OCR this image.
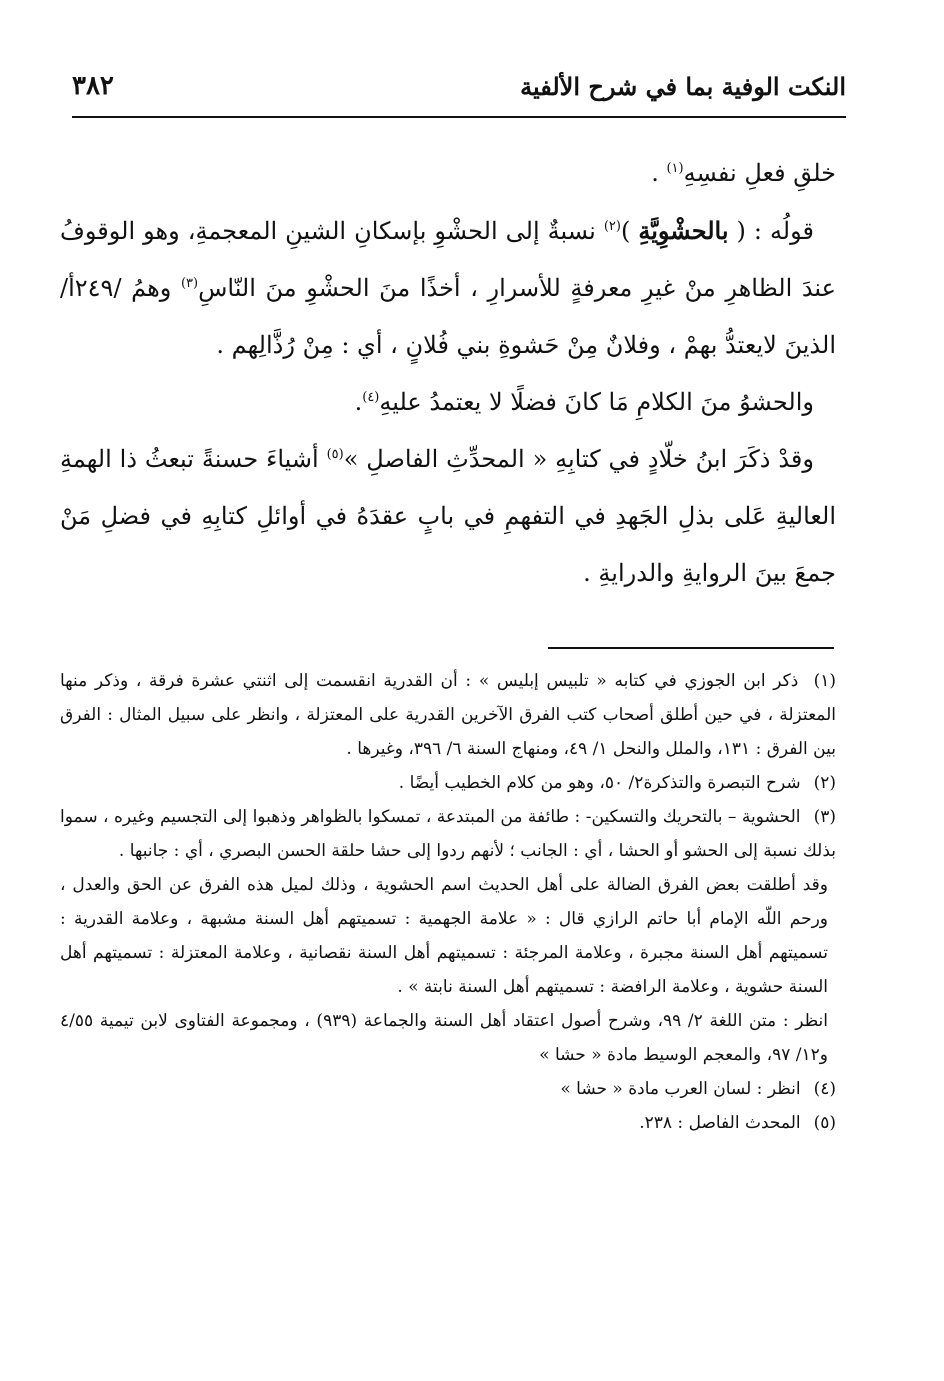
٣٨٢	النكت الوفية بما في شرح الألفية

خلقِ فعلِ نفسِهِ$^{(١)}$ .

قولُه : ( بالحشْوِيَّةِ )$^{(٢)}$ نسبةٌ إلى الحشْوِ بإسكانِ الشينِ المعجمةِ، وهو الوقوفُ عندَ الظاهرِ منْ غيرِ معرفةٍ للأسرارِ ، أخذًا منَ الحشْوِ منَ النّاسِ$^{(٣)}$ وهمُ /٢٤٩أ/ الذينَ لايعتدُّ بهمْ ، وفلانٌ مِنْ حَشوةِ بني فُلانٍ ، أي : مِنْ رُذَّالِهم .

والحشوُ منَ الكلامِ مَا كانَ فضلًا لا يعتمدُ عليهِ$^{(٤)}$.

وقدْ ذكَرَ ابنُ خلّادٍ في كتابِهِ « المحدِّثِ الفاصلِ »$^{(٥)}$ أشياءَ حسنةً تبعثُ ذا الهمةِ العاليةِ عَلى بذلِ الجَهدِ في التفهمِ في بابٍ عقدَهُ في أوائلِ كتابِهِ في فضلِ مَنْ جمعَ بينَ الروايةِ والدرايةِ .

(١) ذكر ابن الجوزي في كتابه « تلبيس إبليس » : أن القدرية انقسمت إلى اثنتي عشرة فرقة ، وذكر منها المعتزلة ، في حين أطلق أصحاب كتب الفرق الآخرين القدرية على المعتزلة ، وانظر على سبيل المثال : الفرق بين الفرق : ١٣١، والملل والنحل ١/ ٤٩، ومنهاج السنة ٦/ ٣٩٦، وغيرها .

(٢) شرح التبصرة والتذكرة٢/ ٥٠، وهو من كلام الخطيب أيضًا .

(٣) الحشوية – بالتحريك والتسكين- : طائفة من المبتدعة ، تمسكوا بالظواهر وذهبوا إلى التجسيم وغيره ، سموا بذلك نسبة إلى الحشو أو الحشا ، أي : الجانب ؛ لأنهم ردوا إلى حشا حلقة الحسن البصري ، أي : جانبها .

وقد أطلقت بعض الفرق الضالة على أهل الحديث اسم الحشوية ، وذلك لميل هذه الفرق عن الحق والعدل ، ورحم اللّه الإمام أبا حاتم الرازي قال : « علامة الجهمية : تسميتهم أهل السنة مشبهة ، وعلامة القدرية : تسميتهم أهل السنة مجبرة ، وعلامة المرجئة : تسميتهم أهل السنة نقصانية ، وعلامة المعتزلة : تسميتهم أهل السنة حشوية ، وعلامة الرافضة : تسميتهم أهل السنة نابتة » .

انظر : متن اللغة ٢/ ٩٩، وشرح أصول اعتقاد أهل السنة والجماعة (٩٣٩) ، ومجموعة الفتاوى لابن تيمية ٤/٥٥ و١٢/ ٩٧، والمعجم الوسيط مادة « حشا »

(٤) انظر : لسان العرب مادة « حشا »

(٥) المحدث الفاصل : ٢٣٨.
